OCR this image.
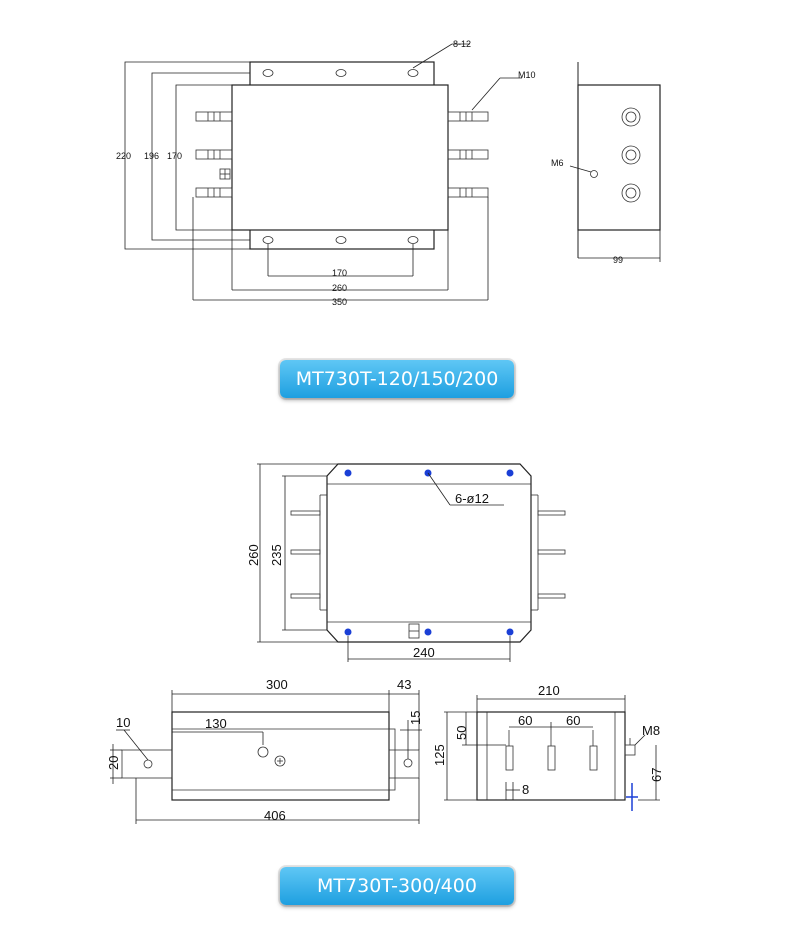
8-12
M10
220 196 170
170
260
350
M6
99
6-ø12
260 235
240
300	43
130
10
20
15
406
210
60	60
50
125
67
8
M8
MT730T-120/150/200
MT730T-300/400
